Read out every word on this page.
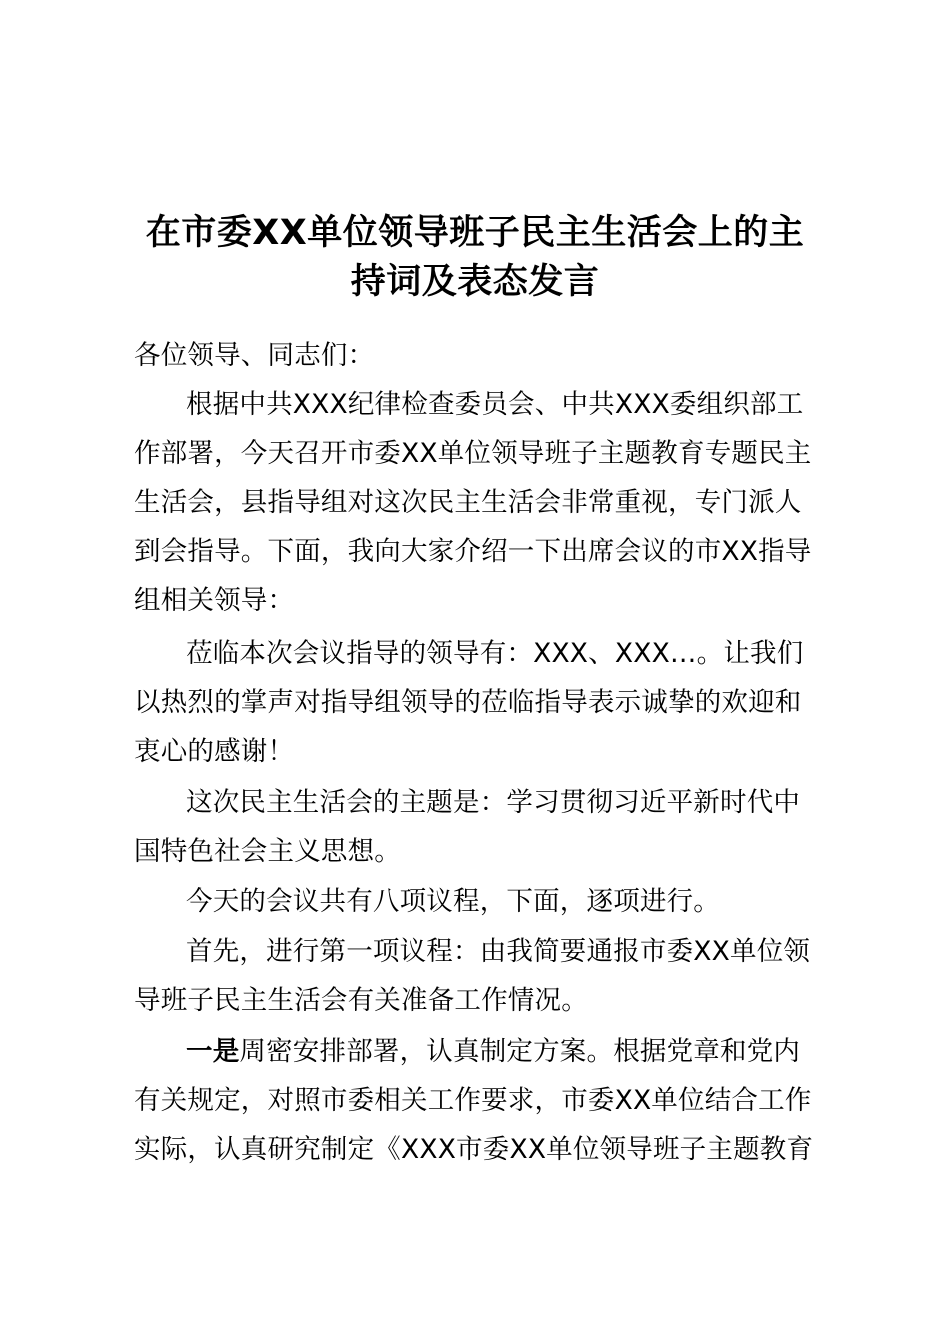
在市委XX单位领导班子民主生活会上的主
持词及表态发言
各位领导、同志们：
根据中共XXX纪律检查委员会、中共XXX委组织部工
作部署，今天召开市委XX单位领导班子主题教育专题民主
生活会，县指导组对这次民主生活会非常重视，专门派人
到会指导。下面，我向大家介绍一下出席会议的市XX指导
组相关领导：
莅临本次会议指导的领导有：XXX、XXX…。让我们
以热烈的掌声对指导组领导的莅临指导表示诚挚的欢迎和
衷心的感谢！
这次民主生活会的主题是：学习贯彻习近平新时代中
国特色社会主义思想。
今天的会议共有八项议程，下面，逐项进行。
首先，进行第一项议程：由我简要通报市委XX单位领
导班子民主生活会有关准备工作情况。
一是周密安排部署，认真制定方案。根据党章和党内
有关规定，对照市委相关工作要求，市委XX单位结合工作
实际，认真研究制定《XXX市委XX单位领导班子主题教育
